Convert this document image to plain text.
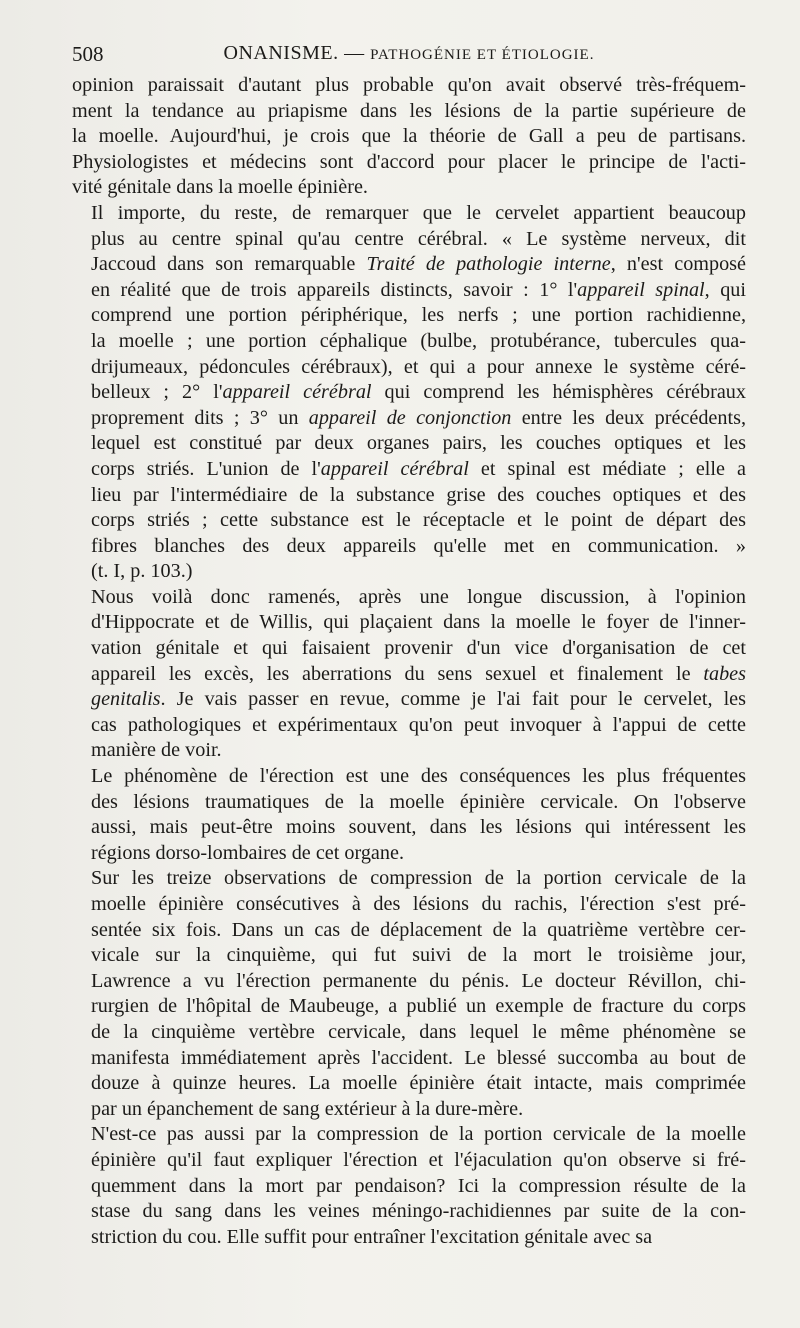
508	ONANISME. — PATHOGÉNIE ET ÉTIOLOGIE.

opinion paraissait d'autant plus probable qu'on avait observé très-fréquem-
ment la tendance au priapisme dans les lésions de la partie supérieure de
la moelle. Aujourd'hui, je crois que la théorie de Gall a peu de partisans.
Physiologistes et médecins sont d'accord pour placer le principe de l'acti-
vité génitale dans la moelle épinière.

Il importe, du reste, de remarquer que le cervelet appartient beaucoup
plus au centre spinal qu'au centre cérébral. « Le système nerveux, dit
Jaccoud dans son remarquable Traité de pathologie interne, n'est composé
en réalité que de trois appareils distincts, savoir : 1° l'appareil spinal, qui
comprend une portion périphérique, les nerfs ; une portion rachidienne,
la moelle ; une portion céphalique (bulbe, protubérance, tubercules qua-
drijumeaux, pédoncules cérébraux), et qui a pour annexe le système céré-
belleux ; 2° l'appareil cérébral qui comprend les hémisphères cérébraux
proprement dits ; 3° un appareil de conjonction entre les deux précédents,
lequel est constitué par deux organes pairs, les couches optiques et les
corps striés. L'union de l'appareil cérébral et spinal est médiate ; elle a
lieu par l'intermédiaire de la substance grise des couches optiques et des
corps striés ; cette substance est le réceptacle et le point de départ des
fibres blanches des deux appareils qu'elle met en communication. »
(t. I, p. 103.)

Nous voilà donc ramenés, après une longue discussion, à l'opinion
d'Hippocrate et de Willis, qui plaçaient dans la moelle le foyer de l'inner-
vation génitale et qui faisaient provenir d'un vice d'organisation de cet
appareil les excès, les aberrations du sens sexuel et finalement le tabes
genitalis. Je vais passer en revue, comme je l'ai fait pour le cervelet, les
cas pathologiques et expérimentaux qu'on peut invoquer à l'appui de cette
manière de voir.

Le phénomène de l'érection est une des conséquences les plus fréquentes
des lésions traumatiques de la moelle épinière cervicale. On l'observe
aussi, mais peut-être moins souvent, dans les lésions qui intéressent les
régions dorso-lombaires de cet organe.

Sur les treize observations de compression de la portion cervicale de la
moelle épinière consécutives à des lésions du rachis, l'érection s'est pré-
sentée six fois. Dans un cas de déplacement de la quatrième vertèbre cer-
vicale sur la cinquième, qui fut suivi de la mort le troisième jour,
Lawrence a vu l'érection permanente du pénis. Le docteur Révillon, chi-
rurgien de l'hôpital de Maubeuge, a publié un exemple de fracture du corps
de la cinquième vertèbre cervicale, dans lequel le même phénomène se
manifesta immédiatement après l'accident. Le blessé succomba au bout de
douze à quinze heures. La moelle épinière était intacte, mais comprimée
par un épanchement de sang extérieur à la dure-mère.

N'est-ce pas aussi par la compression de la portion cervicale de la moelle
épinière qu'il faut expliquer l'érection et l'éjaculation qu'on observe si fré-
quemment dans la mort par pendaison? Ici la compression résulte de la
stase du sang dans les veines méningo-rachidiennes par suite de la con-
striction du cou. Elle suffit pour entraîner l'excitation génitale avec sa
